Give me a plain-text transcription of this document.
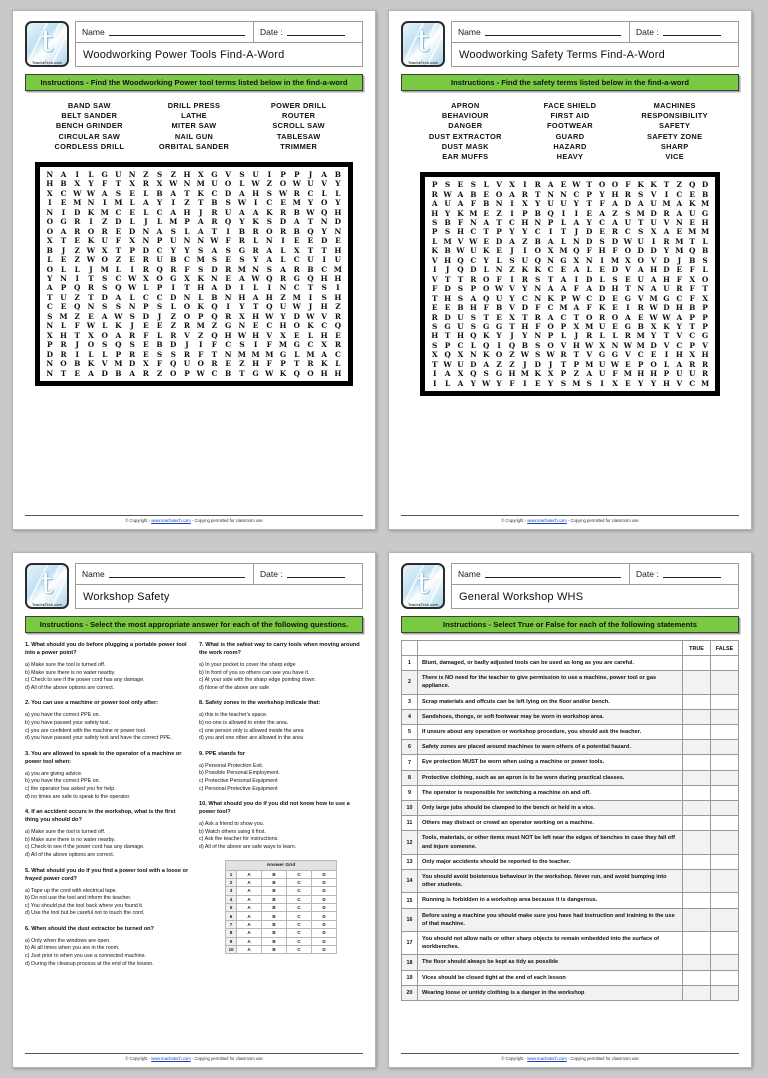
t
TeachaTech.com
Name	Date :
Woodworking Power Tools Find-A-Word
Instructions - Find the Woodworking Power tool terms listed below in the find-a-word
BAND SAW
BELT SANDER
BENCH GRINDER
CIRCULAR SAW
CORDLESS DRILL
DRILL PRESS
LATHE
MITER SAW
NAIL GUN
ORBITAL SANDER
POWER DRILL
ROUTER
SCROLL SAW
TABLESAW
TRIMMER
N	A	I	L	G U N	Z	S	Z	H X	G	V	S	U	I	P	P	J	A	B
H B	X	Y	F	T	X	R	X W N M U O	L W Z	O W U	V	Y
X	C W W A	S	E	L	B	A	T	K	C	D	A H	S W R	C	L	L
I	E M N	I	M L	A	Y	I	Z	T	B	S W	I	C	E M Y	O	Y
N	I	D K M C	E	L	C	A H	J	R	U	A	A	K	R	B W Q H
O G	R	I	Z	D	L	J	L M P	A	R	Q	Y	K	S	D	A	T	N D
O	A	R	O	R	E	D N	A	S	L	A	T	I	B	R	O	R	B Q	Y	N
X	T	E	K U	F	X	N	P	U N N W F	R	L	N	I	E	E	D	E
B	J	Z W X	T	P	D	C	Y	Y	S	A	S	G	R	A	L	X	T	T	H
L	E	Z W O	Z	E	R	U B	C M S	E	S	Y	A	L	C	U	I	U
O	L	L	J	M L	I	R	Q	R	F	S	D	R M N	S	A	R	B	C M
Y	N	I	T	S	C W X	O G	X	K N	E	A W Q	R	G Q H H
A	P	Q	R	S	Q W L	P	I	T	H A	D	I	L	I	N C	T	S	I
T	U	Z	T	D	A	L	C	C	D N	L	B N H A H	Z M	I	S	H
C	E	Q N	S	S	N	P	S	L	O K Q	I	Y	T	Q U W	J	H	Z
S M Z	E	A W S	D	J	Z	O	P	Q	R	X H W Y	D W V	R
N	L	F W L	K	J	E	E	Z	R M Z	G N	E	C H O K	C	Q
X H	T	X	O	A	R	F	L	R	V	Z	Q H W H V	X	E	L	H	E
P	R	J	O	S	Q	S	E	B D	J	I	F	C	S	I	F M G	C	X	R
D	R	I	L	L	P	R	E	S	S	R	F	T	N M M M G	L M A	C
N O B K	V M D	X	F	Q U O	R	E	Z	H	F	P	T	R	K	L
N	T	E	A	D B	A	R	Z	O	P W C	B	T	G W K Q O H H
© Copyright - www.teachatech.com - Copying permitted for classroom use
t
TeachaTech.com
Name	Date :
Woodworking Safety Terms Find-A-Word
Instructions - Find the safety terms listed below in the find-a-word
APRON
BEHAVIOUR
DANGER
DUST EXTRACTOR
DUST MASK
EAR MUFFS
FACE SHIELD
FIRST AID
FOOTWEAR
GUARD
HAZARD
HEAVY
MACHINES
RESPONSIBILITY
SAFETY
SAFETY ZONE
SHARP
VICE
P	S E S	L	V X	I	R A E W T O O F K K T	Z Q D
R W A B E O A R T N N C P	Y H R S V	I	C E B
A U A F B N	I	X Y U U Y	T	F A D A U M A K M
H Y K M E Z	I	P B Q	I	I	E A Z	S M D R A U G
S B F N A T C H N P	L	A Y C A U T U V N E H
P	S H C T P	Y	Y C	I	T	J	D E R C S X A E M M
L M V W E D A Z B A	L N D S D W U	I	R M T	L
K B W U K E	J	I	O X M Q F H F O D D Y M Q B
V H Q C Y	L	S U Q N G X N	I M X O V D	J	B S
I	J	Q D L N Z K K C E A	L	E D V A H D E	F	L
V T T R O F	I	R S	T A	I	D L	S E U A H F X O
F D S	P O W V Y N A A F A D H T N A U R F	T
T H S A Q U Y C N K P W C D E G V M G C F X
E E B H F B V D F C M A F K E	I	R W D H B P
R D U S	T E X T R A C T O R O A E W W A P P
S G U S G G T H F O P X M U E G B X K Y	T P
H T H Q K Y	J	Y N P	L	J	R L	L R M Y	T V C G
S	P C L Q	I	Q B S O V H W X N W M D V C P V
X Q X N K O Z W S W R T V G G V C E	I	H X H
T W U D A Z	Z	J	D	J	T P M U W E P O L	A R R
I	A X Q S G H M K X P Z A U F M H H P U U R
I	L	A Y W Y	F	I	E	Y	S M S	I	X E	Y	Y H V C M
© Copyright - www.teachatech.com - Copying permitted for classroom use
t
TeachaTech.com
Name	Date :
Workshop Safety
Instructions - Select the most appropriate answer for each of the following questions.
1. What should you do before plugging a portable power tool into a power point?
a) Make sure the tool is turned off.
b) Make sure there is no water nearby.
c) Check to see if the power cord has any damage.
d) All of the above options are correct.
2. You can use a machine or power tool only after:
a) you have the correct PPE on.
b) you have passed your safety test.
c) you are confident with the machine or power tool.
d) you have passed your safety test and have the correct PPE.
3. You are allowed to speak to the operator of a machine or power tool when:
a) you are giving advice.
b) you have the correct PPE on.
c) the operator has asked you for help.
d) no times are safe to speak to the operator.
4. If an accident occurs in the workshop, what is the first thing you should do?
a) Make sure the tool is turned off.
b) Make sure there is no water nearby.
c) Check to see if the power cord has any damage.
d) All of the above options are correct.
5. What should you do if you find a power tool with a loose or frayed power cord?
a) Tape up the cord with electrical tape.
b) Do not use the tool and inform the teacher.
c) You should put the tool back where you found it.
d) Use the tool but be careful not to touch the cord.
6. When should the dust extractor be turned on?
a) Only when the windows are open.
b) At all times when you are in the room.
c) Just prior to when you use a connected machine.
d) During the cleanup process at the end of the lesson.
7. What is the safest way to carry tools when moving around the work room?
a) In your pocket to cover the sharp edge
b) In front of you so others can see you have it.
c) At your side with the sharp edge pointing down.
d) None of the above are safe
8. Safety zones in the workshop indicate that:
a) this is the teacher's space.
b) no-one is allowed to enter the area.
c) one person only is allowed inside the area
d) you and one other are allowed in the area
9. PPE stands for
a) Personal Protection Exit.
b) Possible Personal Employment.
c) Protective Personal Equipment
c) Personal Protective Equipment
10. What should you do if you did not know how to use a power tool?
a) Ask a friend to show you.
b) Watch others using it first.
c) Ask the teacher for instructions.
d) All of the above are safe ways to learn.
Answer Grid				
1	A	B	C	D
2	A	B	C	D
3	A	B	C	D
4	A	B	C	D
5	A	B	C	D
6	A	B	C	D
7	A	B	C	D
8	A	B	C	D
9	A	B	C	D
10	A	B	C	D
© Copyright - www.teachatech.com - Copying permitted for classroom use
t
TeachaTech.com
Name	Date :
General Workshop WHS
Instructions - Select True or False for each of the following statements
		TRUE	FALSE
1	Blunt, damaged, or badly adjusted tools can be used as long as you are careful.		
2	There is NO need for the teacher to give permission to use a machine, power tool or gas appliance.		
3	Scrap materials and offcuts can be left lying on the floor and/or bench.		
4	Sandshoes, thongs, or soft footwear may be worn in workshop area.		
5	If unsure about any operation or workshop procedure, you should ask the teacher.		
6	Safety zones are placed around machines to warn others of a potential hazard.		
7	Eye protection MUST be worn when using a machine or power tools.		
8	Protective clothing, such as an apron is to be worn during practical classes.		
9	The operator is responsible for switching a machine on and off.		
10	Only large jobs should be clamped to the bench or held in a vice.		
11	Others may distract or crowd an operator working on a machine.		
12	Tools, materials, or other items must NOT be left near the edges of benches in case they fall off and injure someone.		
13	Only major accidents should be reported to the teacher.		
14	You should avoid boisterous behaviour in the workshop. Never run, and avoid bumping into other students.		
15	Running is forbidden in a workshop area because it is dangerous.		
16	Before using a machine you should make sure you have had instruction and training in the use of that machine.		
17	You should not allow nails or other sharp objects to remain embedded into the surface of workbenches.		
18	The floor should always be kept as tidy as possible		
19	Vices should be closed tight at the end of each lesson		
20	Wearing loose or untidy clothing is a danger in the workshop		
© Copyright - www.teachatech.com - Copying permitted for classroom use
